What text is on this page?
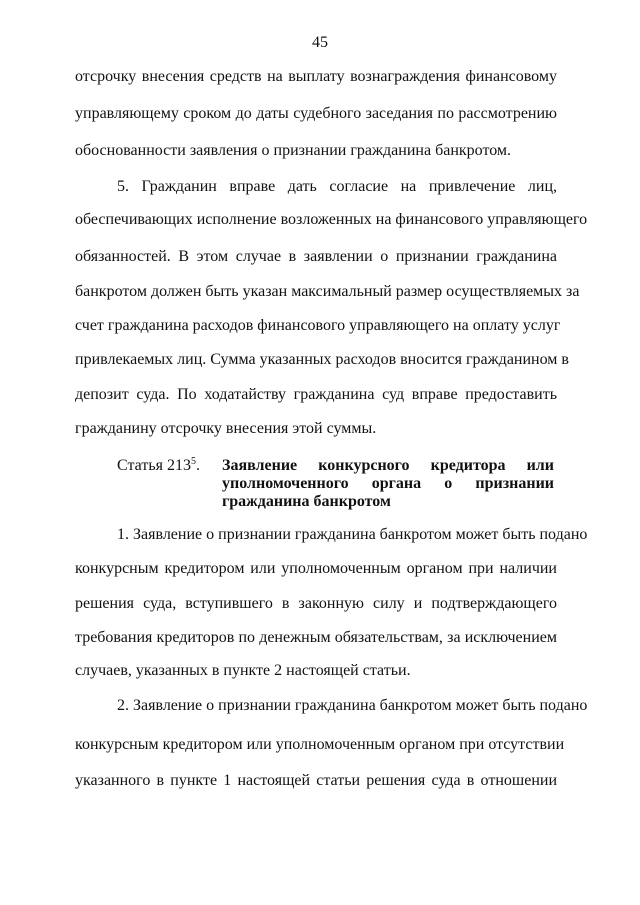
45
отсрочку внесения средств на выплату вознаграждения финансовому
управляющему сроком до даты судебного заседания по рассмотрению
обоснованности заявления о признании гражданина банкротом.
5. Гражданин вправе дать согласие на привлечение лиц,
обеспечивающих исполнение возложенных на финансового управляющего
обязанностей. В этом случае в заявлении о признании гражданина
банкротом должен быть указан максимальный размер осуществляемых за
счет гражданина расходов финансового управляющего на оплату услуг
привлекаемых лиц. Сумма указанных расходов вносится гражданином в
депозит суда. По ходатайству гражданина суд вправе предоставить
гражданину отсрочку внесения этой суммы.
Статья $213^5$. Заявление конкурсного кредитора или
уполномоченного органа о признании
гражданина банкротом
1. Заявление о признании гражданина банкротом может быть подано
конкурсным кредитором или уполномоченным органом при наличии
решения суда, вступившего в законную силу и подтверждающего
требования кредиторов по денежным обязательствам, за исключением
случаев, указанных в пункте 2 настоящей статьи.
2. Заявление о признании гражданина банкротом может быть подано
конкурсным кредитором или уполномоченным органом при отсутствии
указанного в пункте 1 настоящей статьи решения суда в отношении
